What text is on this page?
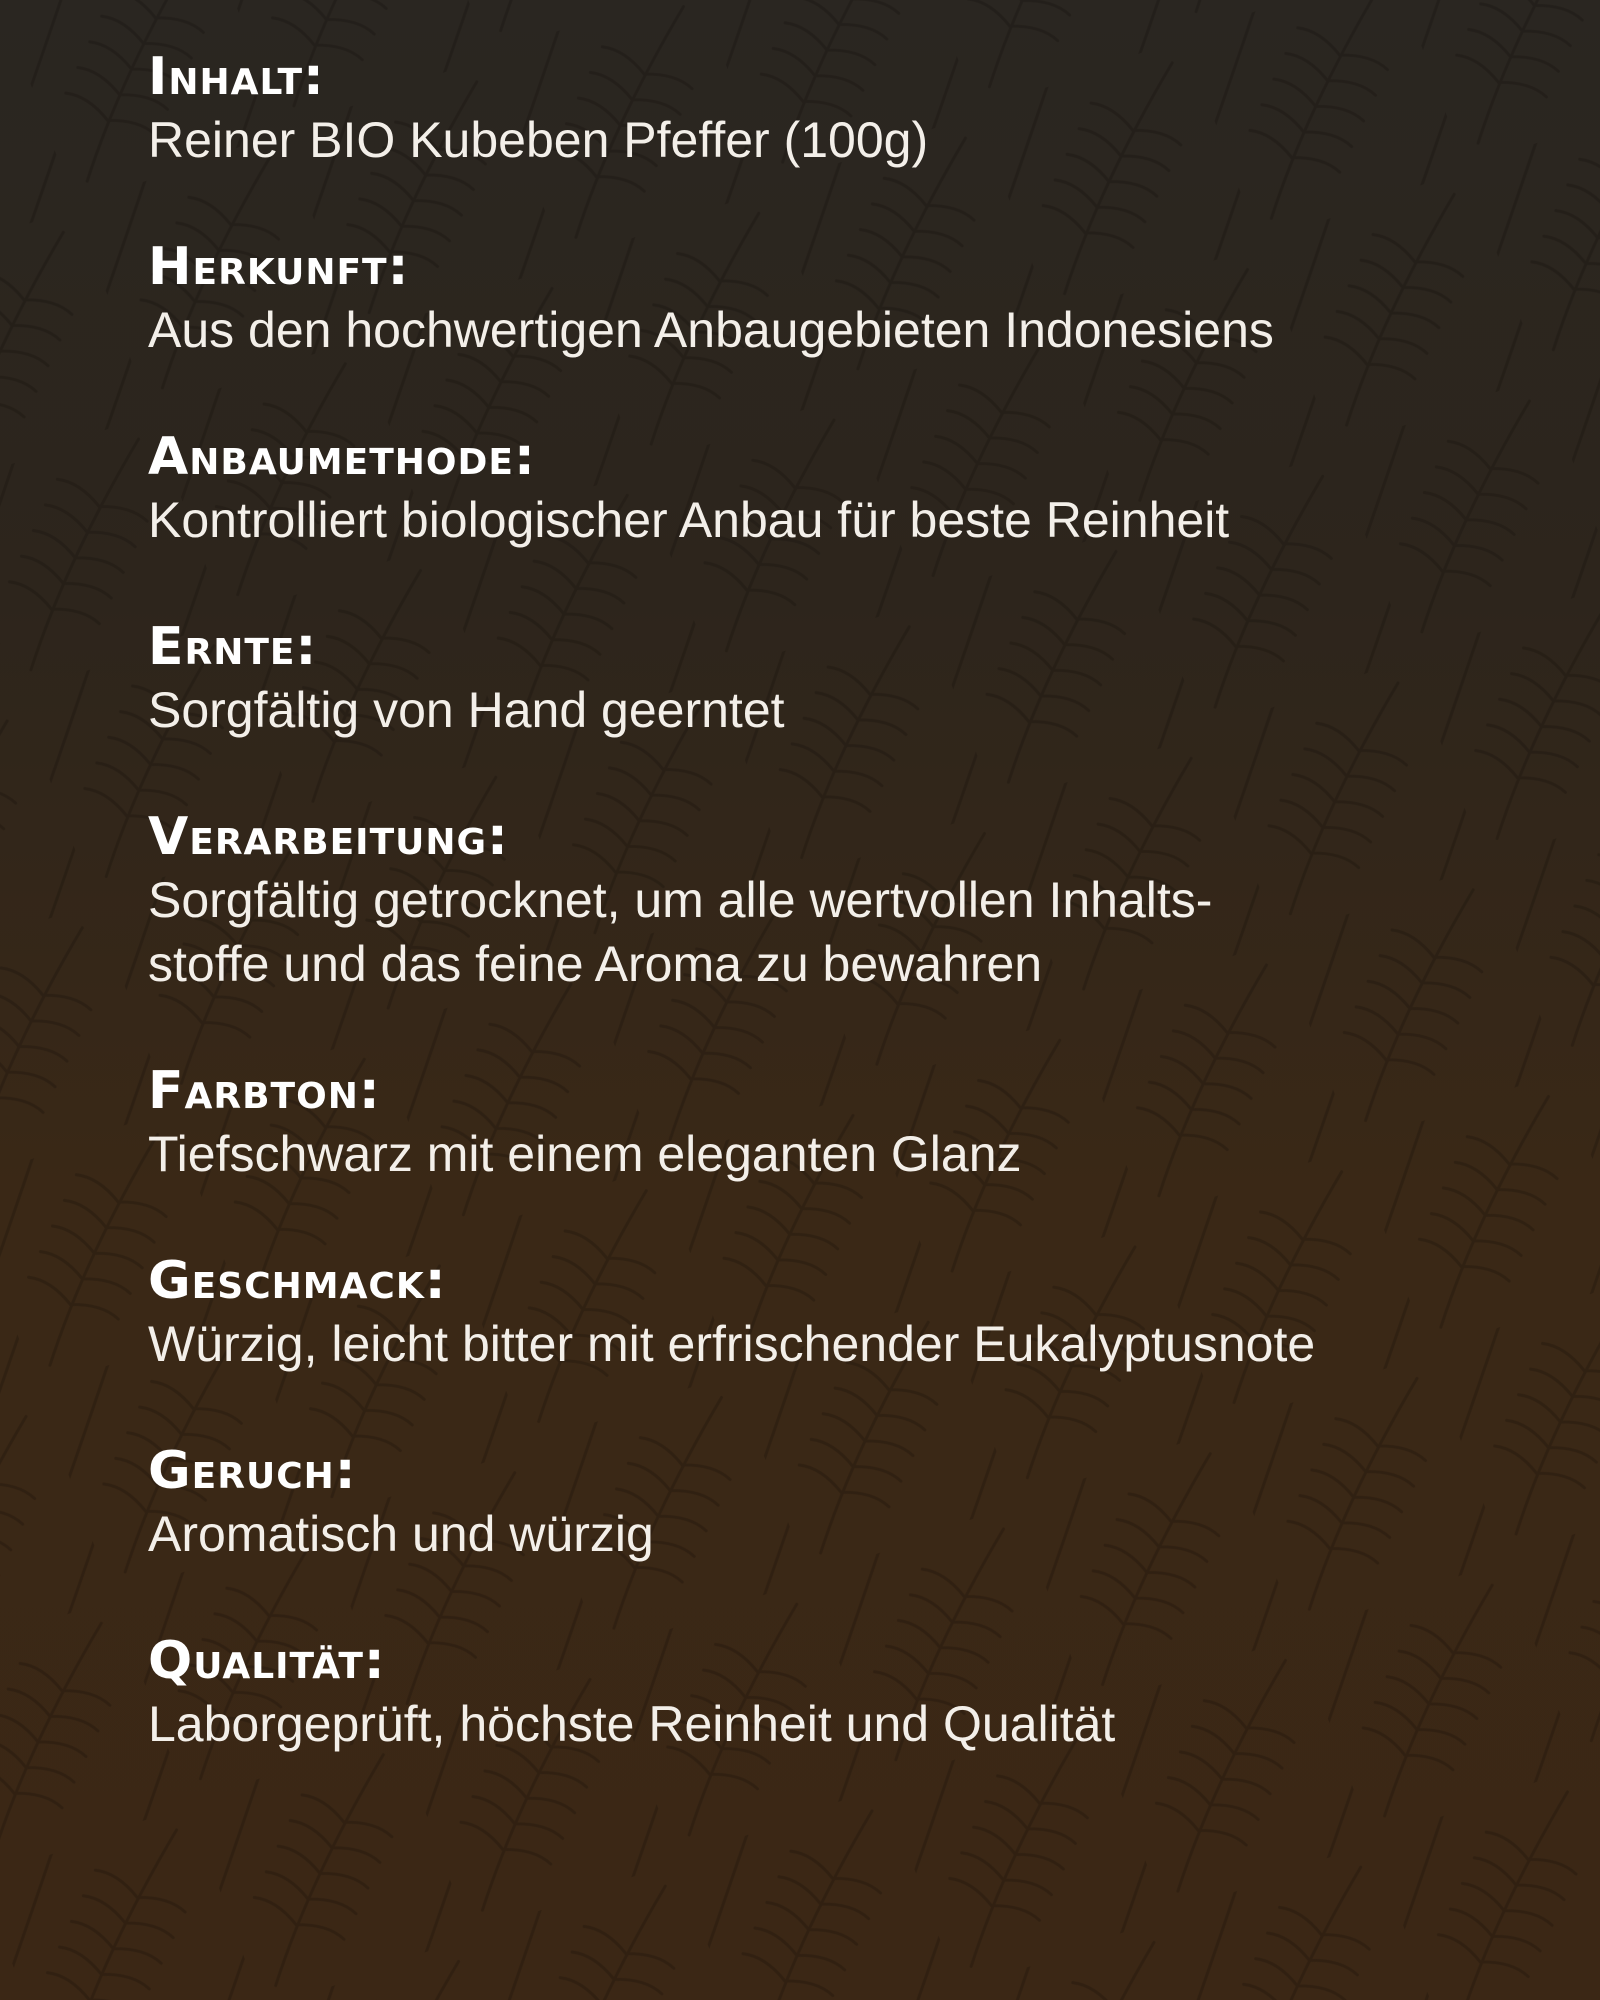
Inhalt:
Reiner BIO Kubeben Pfeffer (100g)
Herkunft:
Aus den hochwertigen Anbaugebieten Indonesiens
Anbaumethode:
Kontrolliert biologischer Anbau für beste Reinheit
Ernte:
Sorgfältig von Hand geerntet
Verarbeitung:
Sorgfältig getrocknet, um alle wertvollen Inhalts-
stoffe und das feine Aroma zu bewahren
Farbton:
Tiefschwarz mit einem eleganten Glanz
Geschmack:
Würzig, leicht bitter mit erfrischender Eukalyptusnote
Geruch:
Aromatisch und würzig
Qualität:
Laborgeprüft, höchste Reinheit und Qualität
